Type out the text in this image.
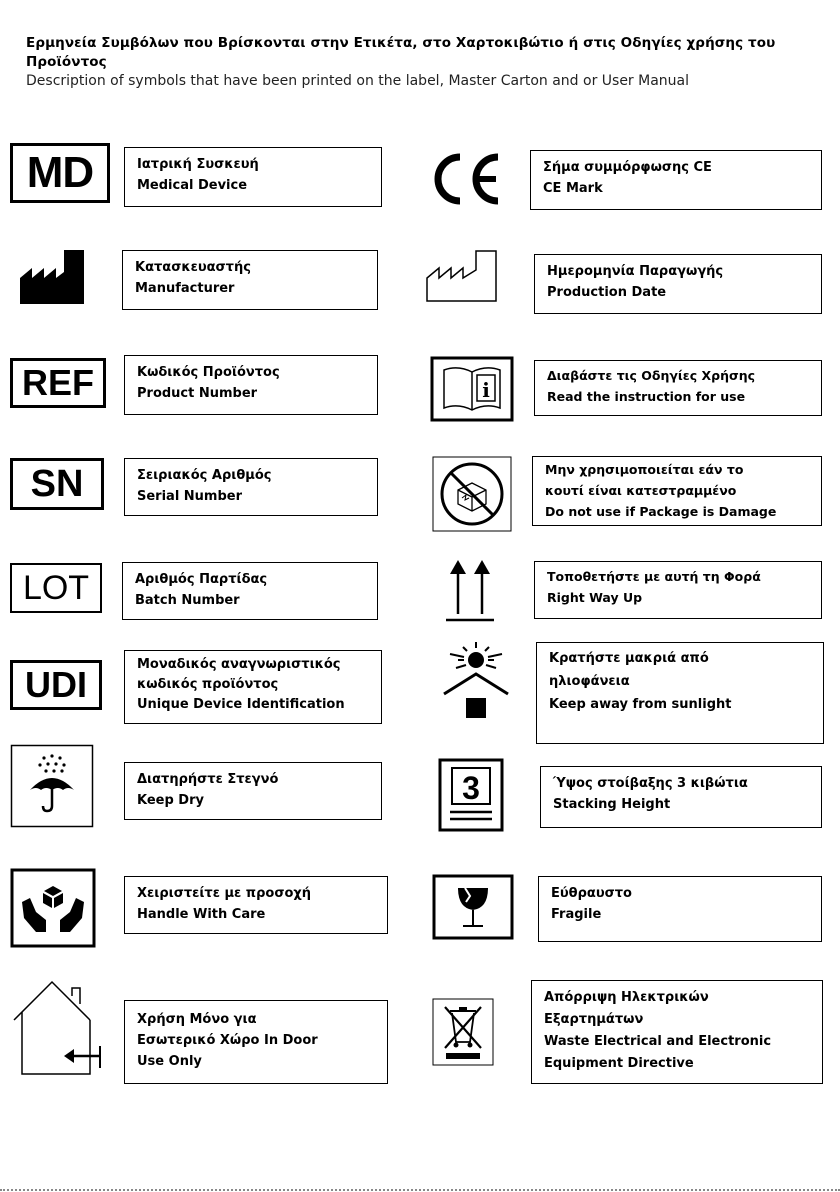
Ερμηνεία Συμβόλων που Βρίσκονται στην Ετικέτα, στο Χαρτοκιβώτιο ή στις Οδηγίες χρήσης του Προϊόντος
Description of symbols that have been printed on the label, Master Carton and or User Manual
MD	Ιατρική Συσκευή
Medical Device
Κατασκευαστής
Manufacturer
REF	Κωδικός Προϊόντος
Product Number
SN	Σειριακός Αριθμός
Serial Number
LOT	Αριθμός Παρτίδας
Batch Number
UDI	Μοναδικός αναγνωριστικός
κωδικός προϊόντος
Unique Device Identification
Διατηρήστε Στεγνό
Keep Dry
Χειριστείτε με προσοχή
Handle With Care
Χρήση Μόνο για
Εσωτερικό Χώρο In Door
Use Only
Σήμα συμμόρφωσης CE
CE Mark
Ημερομηνία Παραγωγής
Production Date
i
Διαβάστε τις Οδηγίες Χρήσης
Read the instruction for use
Μην χρησιμοποιείται εάν το
κουτί είναι κατεστραμμένο
Do not use if Package is Damage
Τοποθετήστε με αυτή τη Φορά
Right Way Up
Κρατήστε μακριά από
ηλιοφάνεια
Keep away from sunlight
3	Ύψος στοίβαξης 3 κιβώτια
Stacking Height
Εύθραυστο
Fragile
Απόρριψη Ηλεκτρικών
Εξαρτημάτων
Waste Electrical and Electronic
Equipment Directive
